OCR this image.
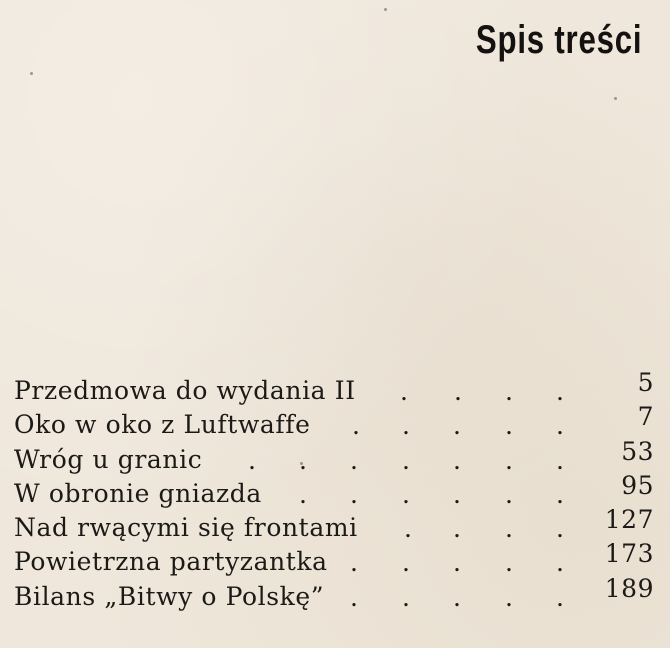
Spis treści
Przedmowa do wydania II . . . .	5
Oko w oko z Luftwaffe . . . . .	7
Wróg u granic . . . . . . . 53
W obronie gniazda . . . . . . 95
Nad rwącymi się frontami . . . . 127
Powietrzna partyzantka . . . . . 173
Bilans „Bitwy o Polskę” . . . . . 189
